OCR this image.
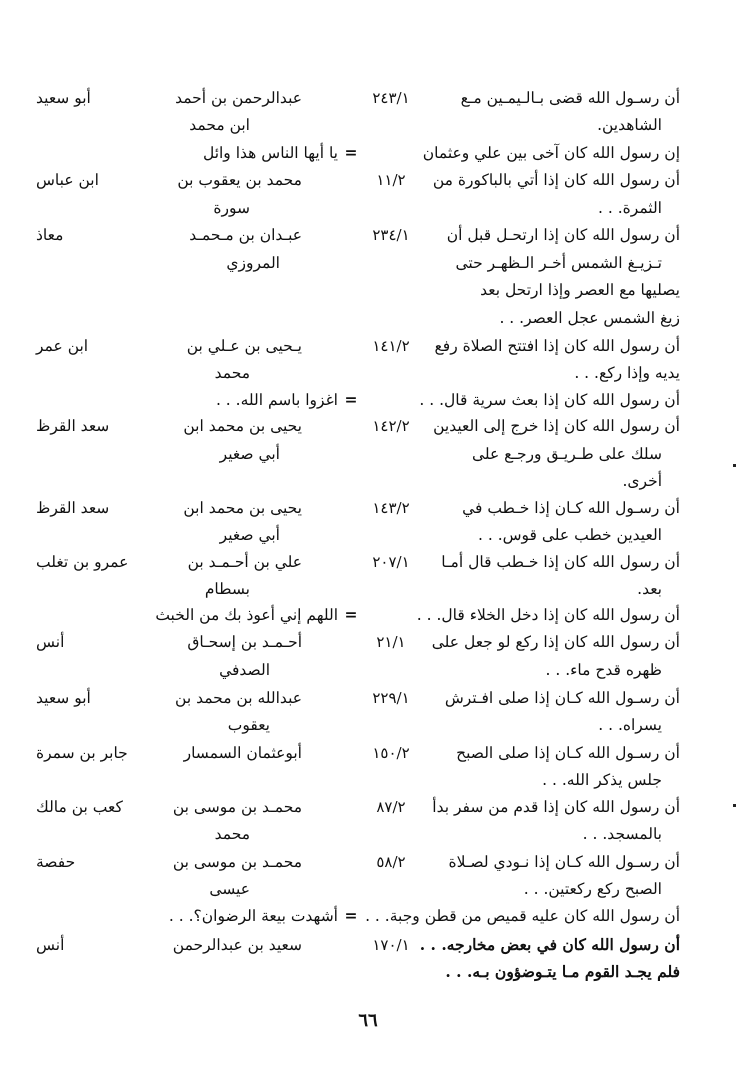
أن رسـول الله قضى بـالـيمـين مـع
٢٤٣/١
عبدالرحمن بن أحمد
أبو سعيد
الشاهدين.
ابن محمد
إن رسول الله كان آخى بين علي وعثمان
=
يا أيها الناس هذا وائل
أن رسول الله كان إذا أتي بالباكورة من
١١/٢
محمد بن يعقوب بن
ابن عباس
الثمرة. . .
سورة
أن رسول الله كان إذا ارتحـل قبل أن
٢٣٤/١
عبـدان بن مـحمـد
معاذ
تـزيـغ الشمس أخـر الـظهـر حتى
المروزي
يصليها مع العصر وإذا ارتحل بعد
زيغ الشمس عجل العصر. . .
أن رسول الله كان إذا افتتح الصلاة رفع
١٤١/٢
يـحيى بن عـلي بن
ابن عمر
يديه وإذا ركع. . .
محمد
أن رسول الله كان إذا بعث سرية قال. . .
=
اغزوا باسم الله. . .
أن رسول الله كان إذا خرج إلى العيدين
١٤٢/٢
يحيى بن محمد ابن
سعد القرظ
سلك على طـريـق ورجـع على
أبي صغير
أخرى.
أن رسـول الله كـان إذا خـطب في
١٤٣/٢
يحيى بن محمد ابن
سعد القرظ
العيدين خطب على قوس. . .
أبي صغير
أن رسول الله كان إذا خـطب قال أمـا
٢٠٧/١
علي بن أحـمـد بن
عمرو بن تغلب
بعد.
بسطام
أن رسول الله كان إذا دخل الخلاء قال. . .
=
اللهم إني أعوذ بك من الخبث
أن رسول الله كان إذا ركع لو جعل على
٢١/١
أحـمـد بن إسحـاق
أنس
ظهره قدح ماء. . .
الصدفي
أن رسـول الله كـان إذا صلى افـترش
٢٢٩/١
عبدالله بن محمد بن
أبو سعيد
يسراه. . .
يعقوب
أن رسـول الله كـان إذا صلى الصبح
١٥٠/٢
أبوعثمان السمسار
جابر بن سمرة
جلس يذكر الله. . .
أن رسول الله كان إذا قدم من سفر بدأ
٨٧/٢
محمـد بن موسى بن
كعب بن مالك
بالمسجد. . .
محمد
أن رسـول الله كـان إذا نـودي لصـلاة
٥٨/٢
محمـد بن موسى بن
حفصة
الصبح ركع ركعتين. . .
عيسى
أن رسول الله كان عليه قميص من قطن وجبة. . .
=
أشهدت بيعة الرضوان؟. . .
أن رسول الله كان في بعض مخارجه. . .
١٧٠/١
سعيد بن عبدالرحمن
أنس
فلم يجـد القوم مـا يتـوضؤون بـه. . .
٦٦
